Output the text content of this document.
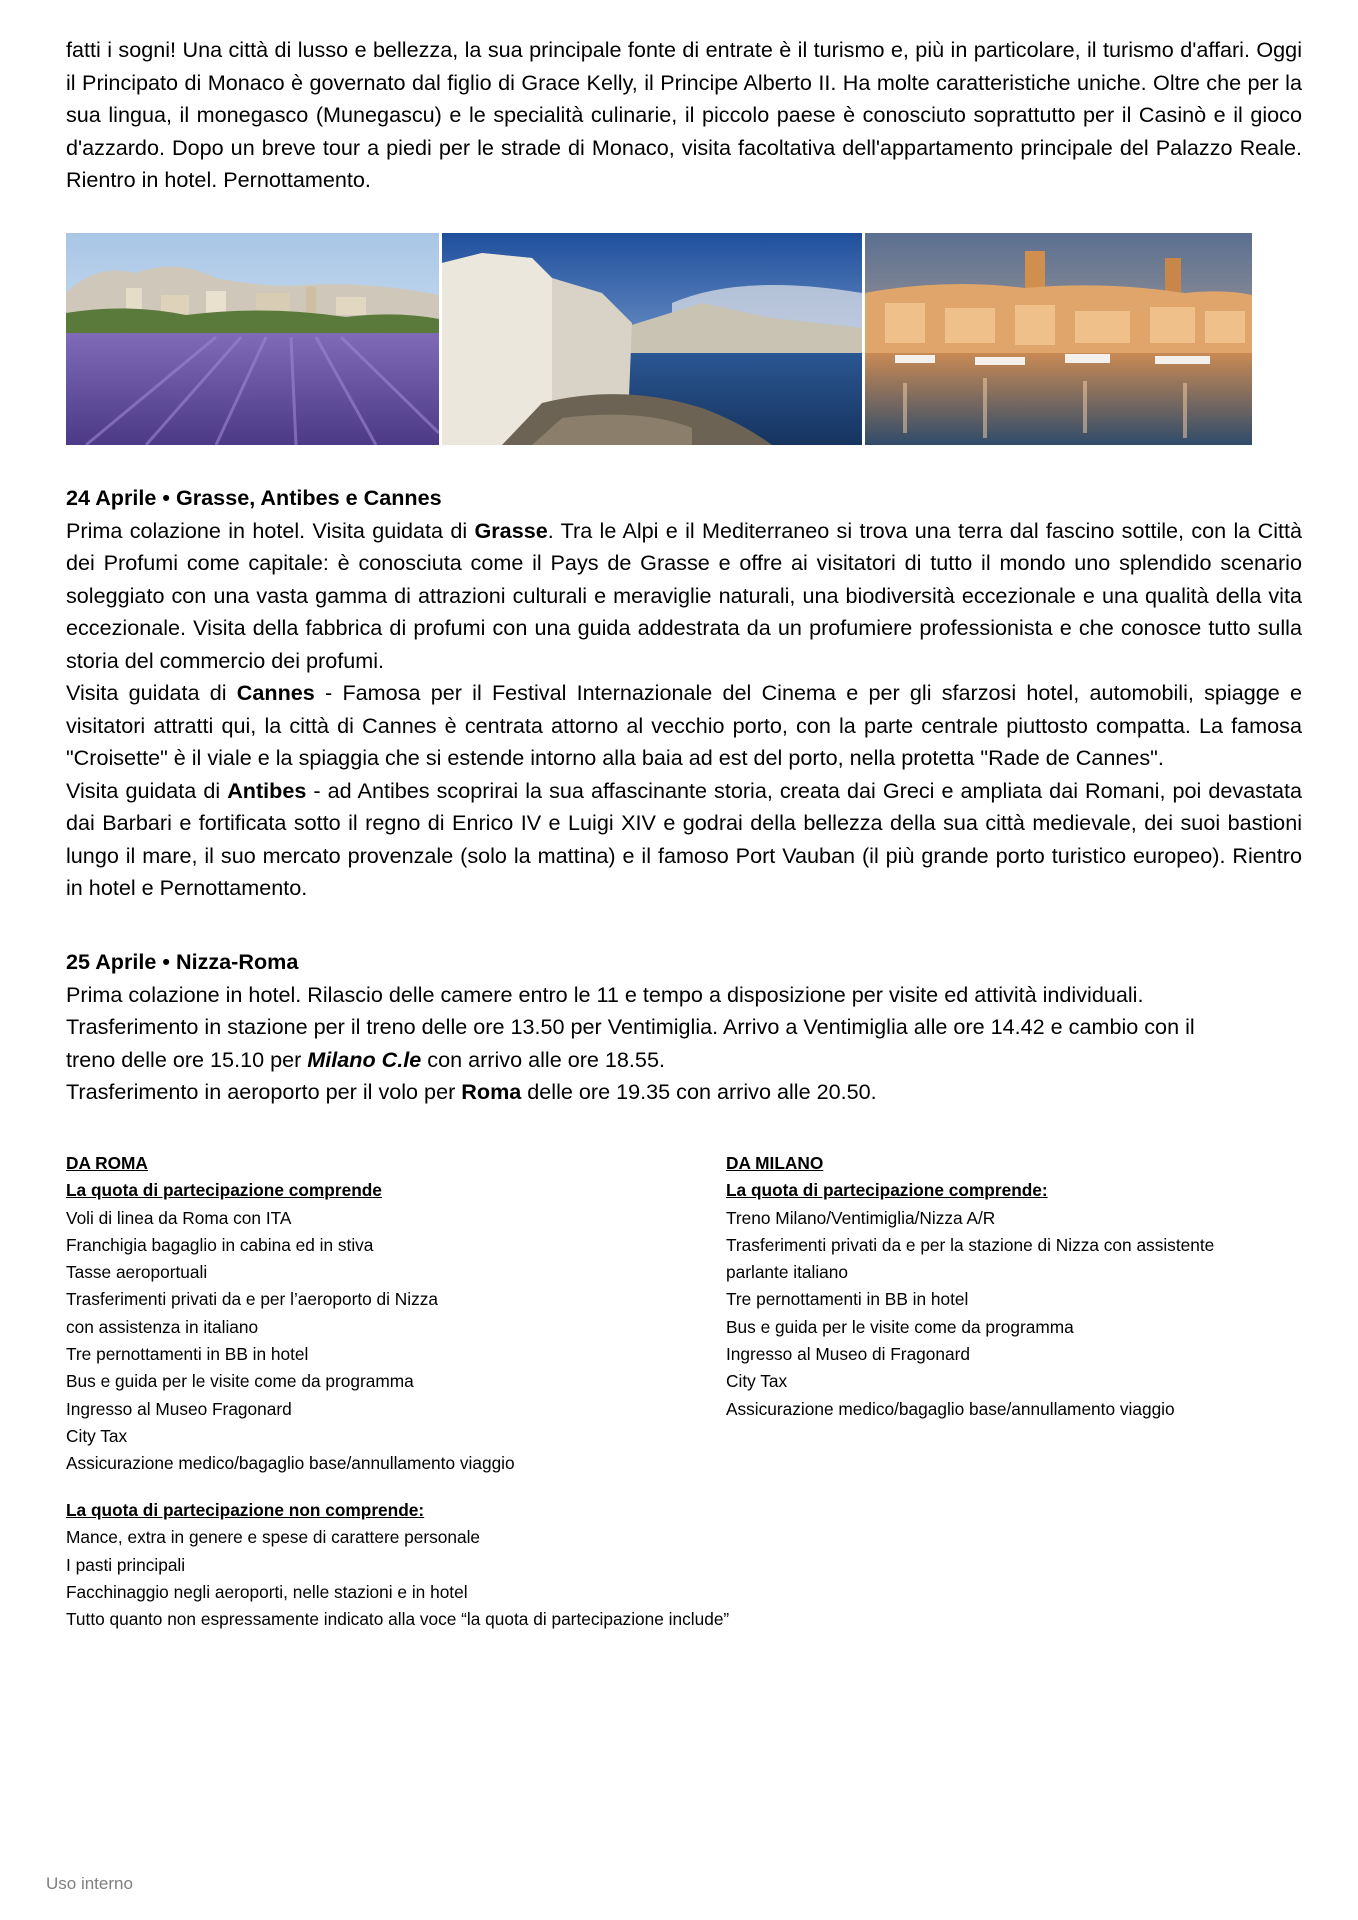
fatti i sogni! Una città di lusso e bellezza, la sua principale fonte di entrate è il turismo e, più in particolare, il turismo d'affari. Oggi il Principato di Monaco è governato dal figlio di Grace Kelly, il Principe Alberto II. Ha molte caratteristiche uniche. Oltre che per la sua lingua, il monegasco (Munegascu) e le specialità culinarie, il piccolo paese è conosciuto soprattutto per il Casinò e il gioco d'azzardo. Dopo un breve tour a piedi per le strade di Monaco, visita facoltativa dell'appartamento principale del Palazzo Reale. Rientro in hotel. Pernottamento.

24 Aprile • Grasse, Antibes e Cannes

Prima colazione in hotel. Visita guidata di Grasse. Tra le Alpi e il Mediterraneo si trova una terra dal fascino sottile, con la Città dei Profumi come capitale: è conosciuta come il Pays de Grasse e offre ai visitatori di tutto il mondo uno splendido scenario soleggiato con una vasta gamma di attrazioni culturali e meraviglie naturali, una biodiversità eccezionale e una qualità della vita eccezionale. Visita della fabbrica di profumi con una guida addestrata da un profumiere professionista e che conosce tutto sulla storia del commercio dei profumi.

Visita guidata di Cannes - Famosa per il Festival Internazionale del Cinema e per gli sfarzosi hotel, automobili, spiagge e visitatori attratti qui, la città di Cannes è centrata attorno al vecchio porto, con la parte centrale piuttosto compatta. La famosa "Croisette" è il viale e la spiaggia che si estende intorno alla baia ad est del porto, nella protetta "Rade de Cannes".

Visita guidata di Antibes - ad Antibes scoprirai la sua affascinante storia, creata dai Greci e ampliata dai Romani, poi devastata dai Barbari e fortificata sotto il regno di Enrico IV e Luigi XIV e godrai della bellezza della sua città medievale, dei suoi bastioni lungo il mare, il suo mercato provenzale (solo la mattina) e il famoso Port Vauban (il più grande porto turistico europeo). Rientro in hotel e Pernottamento.

25 Aprile • Nizza-Roma

Prima colazione in hotel. Rilascio delle camere entro le 11 e tempo a disposizione per visite ed attività individuali.

Trasferimento in stazione per il treno delle ore 13.50 per Ventimiglia. Arrivo a Ventimiglia alle ore 14.42 e cambio con il

treno delle ore 15.10 per Milano C.le con arrivo alle ore 18.55.

Trasferimento in aeroporto per il volo per Roma delle ore 19.35 con arrivo alle 20.50.

DA ROMA
La quota di partecipazione comprende
Voli di linea da Roma con ITA
Franchigia bagaglio in cabina ed in stiva
Tasse aeroportuali
Trasferimenti privati da e per l’aeroporto di Nizza
con assistenza in italiano
Tre pernottamenti in BB in hotel
Bus e guida per le visite come da programma
Ingresso al Museo Fragonard
City Tax
Assicurazione medico/bagaglio base/annullamento viaggio
DA MILANO
La quota di partecipazione comprende:
Treno Milano/Ventimiglia/Nizza A/R
Trasferimenti privati da e per la stazione di Nizza con assistente
parlante italiano
Tre pernottamenti in BB in hotel
Bus e guida per le visite come da programma
Ingresso al Museo di Fragonard
City Tax
Assicurazione medico/bagaglio base/annullamento viaggio
La quota di partecipazione non comprende:
Mance, extra in genere e spese di carattere personale
I pasti principali
Facchinaggio negli aeroporti, nelle stazioni e in hotel
Tutto quanto non espressamente indicato alla voce “la quota di partecipazione include”
Uso interno
